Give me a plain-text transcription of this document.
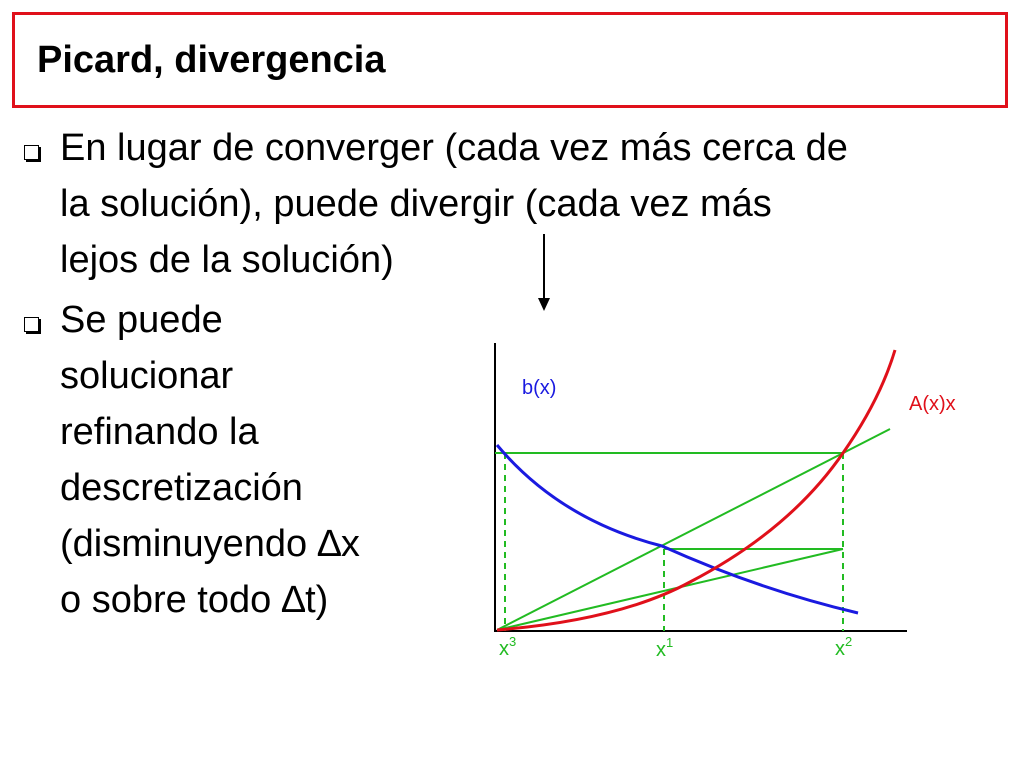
Picard, divergencia
En lugar de converger (cada vez más cerca de
la solución), puede divergir (cada vez más
lejos de la solución)
Se puede
solucionar
refinando la
descretización
(disminuyendo ∆x
o sobre todo ∆t)
b(x)
A(x)x
$x^3$	$x^1$	$x^2$
